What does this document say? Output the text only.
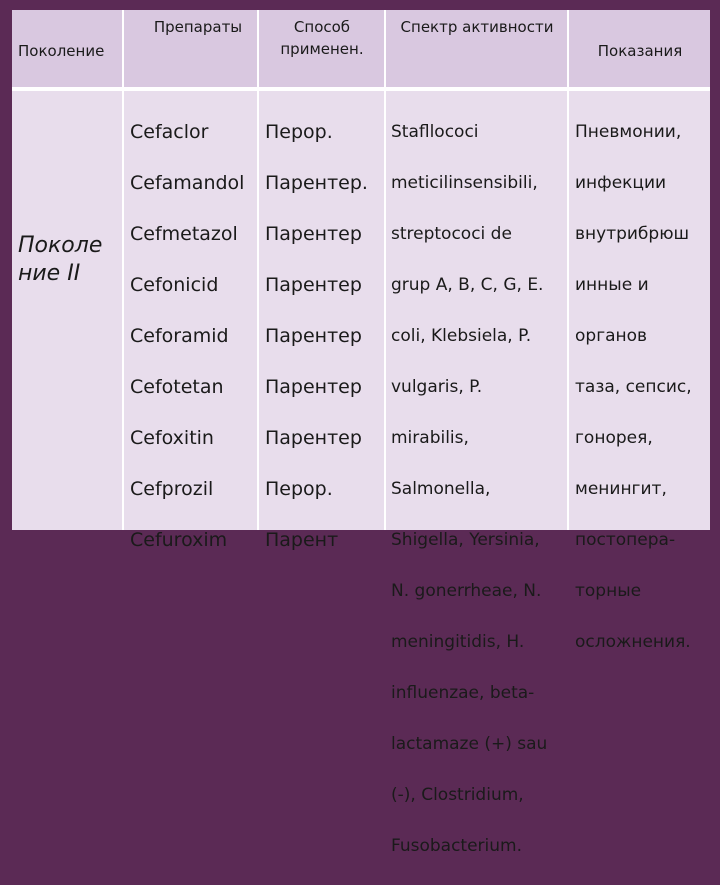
Поколение
Препараты	Способ
применен.
Спектр активности
Показания
Поколе
ние II

Cefaclor

Cefamandol

Cefmetazol

Cefonicid

Ceforamid

Cefotetan

Cefoxitin

Cefprozil

Cefuroxim

Перор.

Парентер.

Парентер

Парентер

Парентер

Парентер

Парентер

Перор.

Парент

Stafllococi

meticilinsensibili,

streptococi de

grup A, B, C, G, E.

coli, Klebsiela, P.

vulgaris, P.

mirabilis,

Salmonella,

Shigella, Yersinia,

N. gonerrheae, N.

meningitidis, H.

influenzae, beta-

lactamaze (+) sau

(-), Clostridium,

Fusobacterium.

Пневмонии,

инфекции

внутрибрюш

инные и

органов

таза, сепсис,

гонорея,

менингит,

постопера-

торные

осложнения.
